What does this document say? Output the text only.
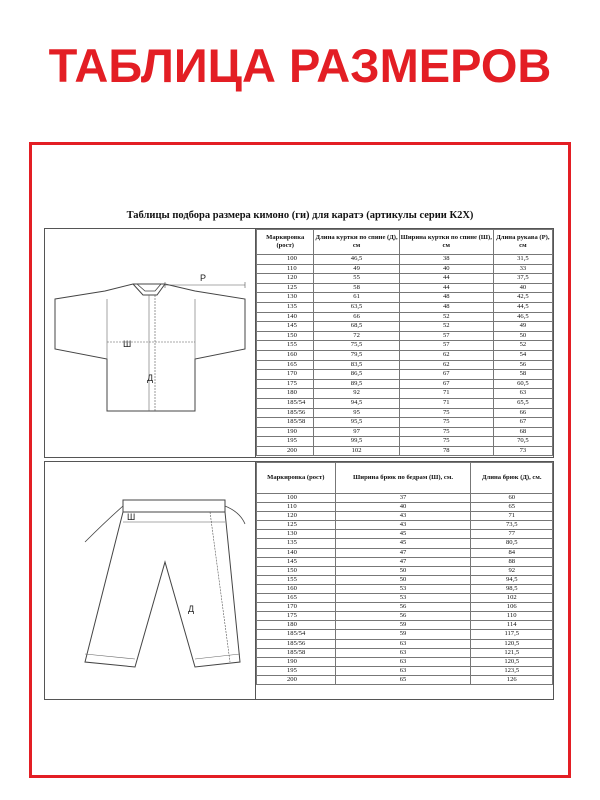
ТАБЛИЦА РАЗМЕРОВ
Таблицы подбора размера кимоно (ги) для каратэ (артикулы серии К2Х)
Р
Ш
Д
Маркировка (рост)	Длина куртки по спине (Д), см	Ширина куртки по спине (Ш), см	Длина рукава (Р), см
100	46,5	38	31,5
110	49	40	33
120	55	44	37,5
125	58	44	40
130	61	48	42,5
135	63,5	48	44,5
140	66	52	46,5
145	68,5	52	49
150	72	57	50
155	75,5	57	52
160	79,5	62	54
165	83,5	62	56
170	86,5	67	58
175	89,5	67	60,5
180	92	71	63
185/54	94,5	71	65,5
185/56	95	75	66
185/58	95,5	75	67
190	97	75	68
195	99,5	75	70,5
200	102	78	73
Ш
Д
Маркировка (рост)	Ширина брюк по бедрам (Ш), см.	Длина брюк (Д), см.
100	37	60
110	40	65
120	43	71
125	43	73,5
130	45	77
135	45	80,5
140	47	84
145	47	88
150	50	92
155	50	94,5
160	53	98,5
165	53	102
170	56	106
175	56	110
180	59	114
185/54	59	117,5
185/56	63	120,5
185/58	63	121,5
190	63	120,5
195	63	123,5
200	65	126
